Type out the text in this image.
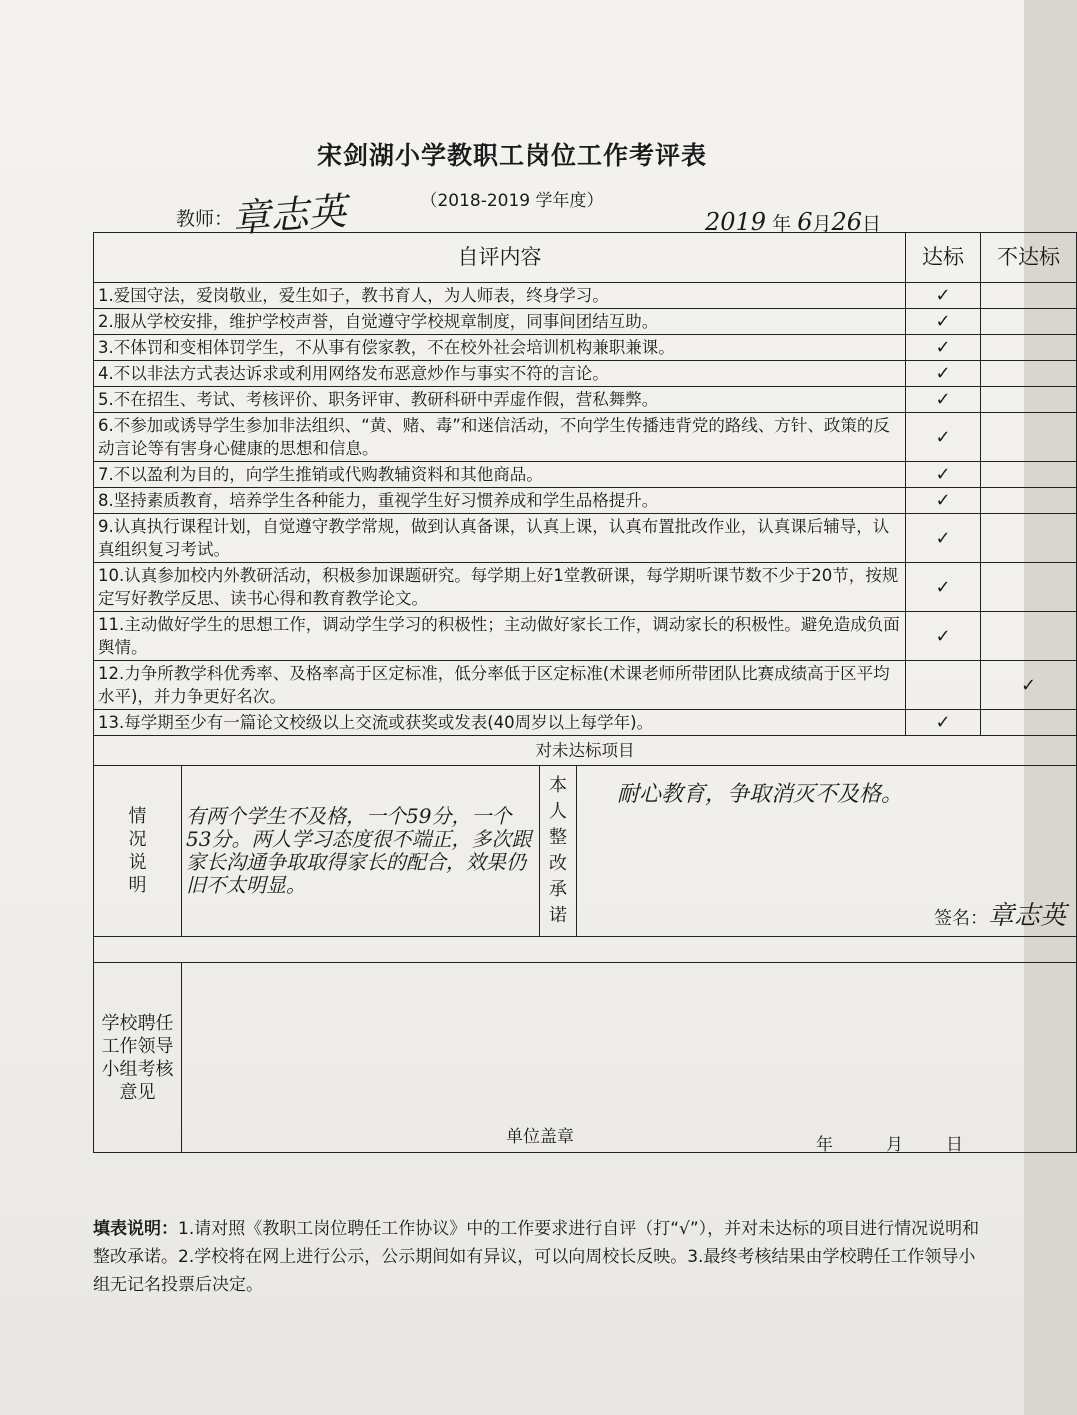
宋剑湖小学教职工岗位工作考评表
（2018-2019 学年度）
教师：
章志英	2019 年 6月26日
自评内容			达标	不达标
1.爱国守法，爱岗敬业，爱生如子，教书育人，为人师表，终身学习。			✓	
2.服从学校安排，维护学校声誉，自觉遵守学校规章制度，同事间团结互助。			✓	
3.不体罚和变相体罚学生，不从事有偿家教，不在校外社会培训机构兼职兼课。			✓	
4.不以非法方式表达诉求或利用网络发布恶意炒作与事实不符的言论。			✓	
5.不在招生、考试、考核评价、职务评审、教研科研中弄虚作假，营私舞弊。			✓	
6.不参加或诱导学生参加非法组织、“黄、赌、毒”和迷信活动，不向学生传播违背党的路线、方针、政策的反动言论等有害身心健康的思想和信息。			✓	
7.不以盈利为目的，向学生推销或代购教辅资料和其他商品。			✓	
8.坚持素质教育，培养学生各种能力，重视学生好习惯养成和学生品格提升。			✓	
9.认真执行课程计划，自觉遵守教学常规，做到认真备课，认真上课，认真布置批改作业，认真课后辅导，认真组织复习考试。			✓	
10.认真参加校内外教研活动，积极参加课题研究。每学期上好1堂教研课，每学期听课节数不少于20节，按规定写好教学反思、读书心得和教育教学论文。			✓	
11.主动做好学生的思想工作，调动学生学习的积极性；主动做好家长工作，调动家长的积极性。避免造成负面舆情。			✓	
12.力争所教学科优秀率、及格率高于区定标准，低分率低于区定标准(术课老师所带团队比赛成绩高于区平均水平)，并力争更好名次。				✓
13.每学期至少有一篇论文校级以上交流或获奖或发表(40周岁以上每学年)。			✓	
对未达标项目				

情况说明	有两个学生不及格，一个59分，一个53分。两人学习态度很不端正，多次跟家长沟通争取取得家长的配合，效果仍旧不太明显。	本人整改承诺
耐心教育，争取消灭不及格。
签名：章志英		

学校聘任工作领导小组考核意见	单位盖章 年 月 日			
填表说明：1.请对照《教职工岗位聘任工作协议》中的工作要求进行自评（打“√”），并对未达标的项目进行情况说明和整改承诺。2.学校将在网上进行公示，公示期间如有异议，可以向周校长反映。3.最终考核结果由学校聘任工作领导小组无记名投票后决定。
